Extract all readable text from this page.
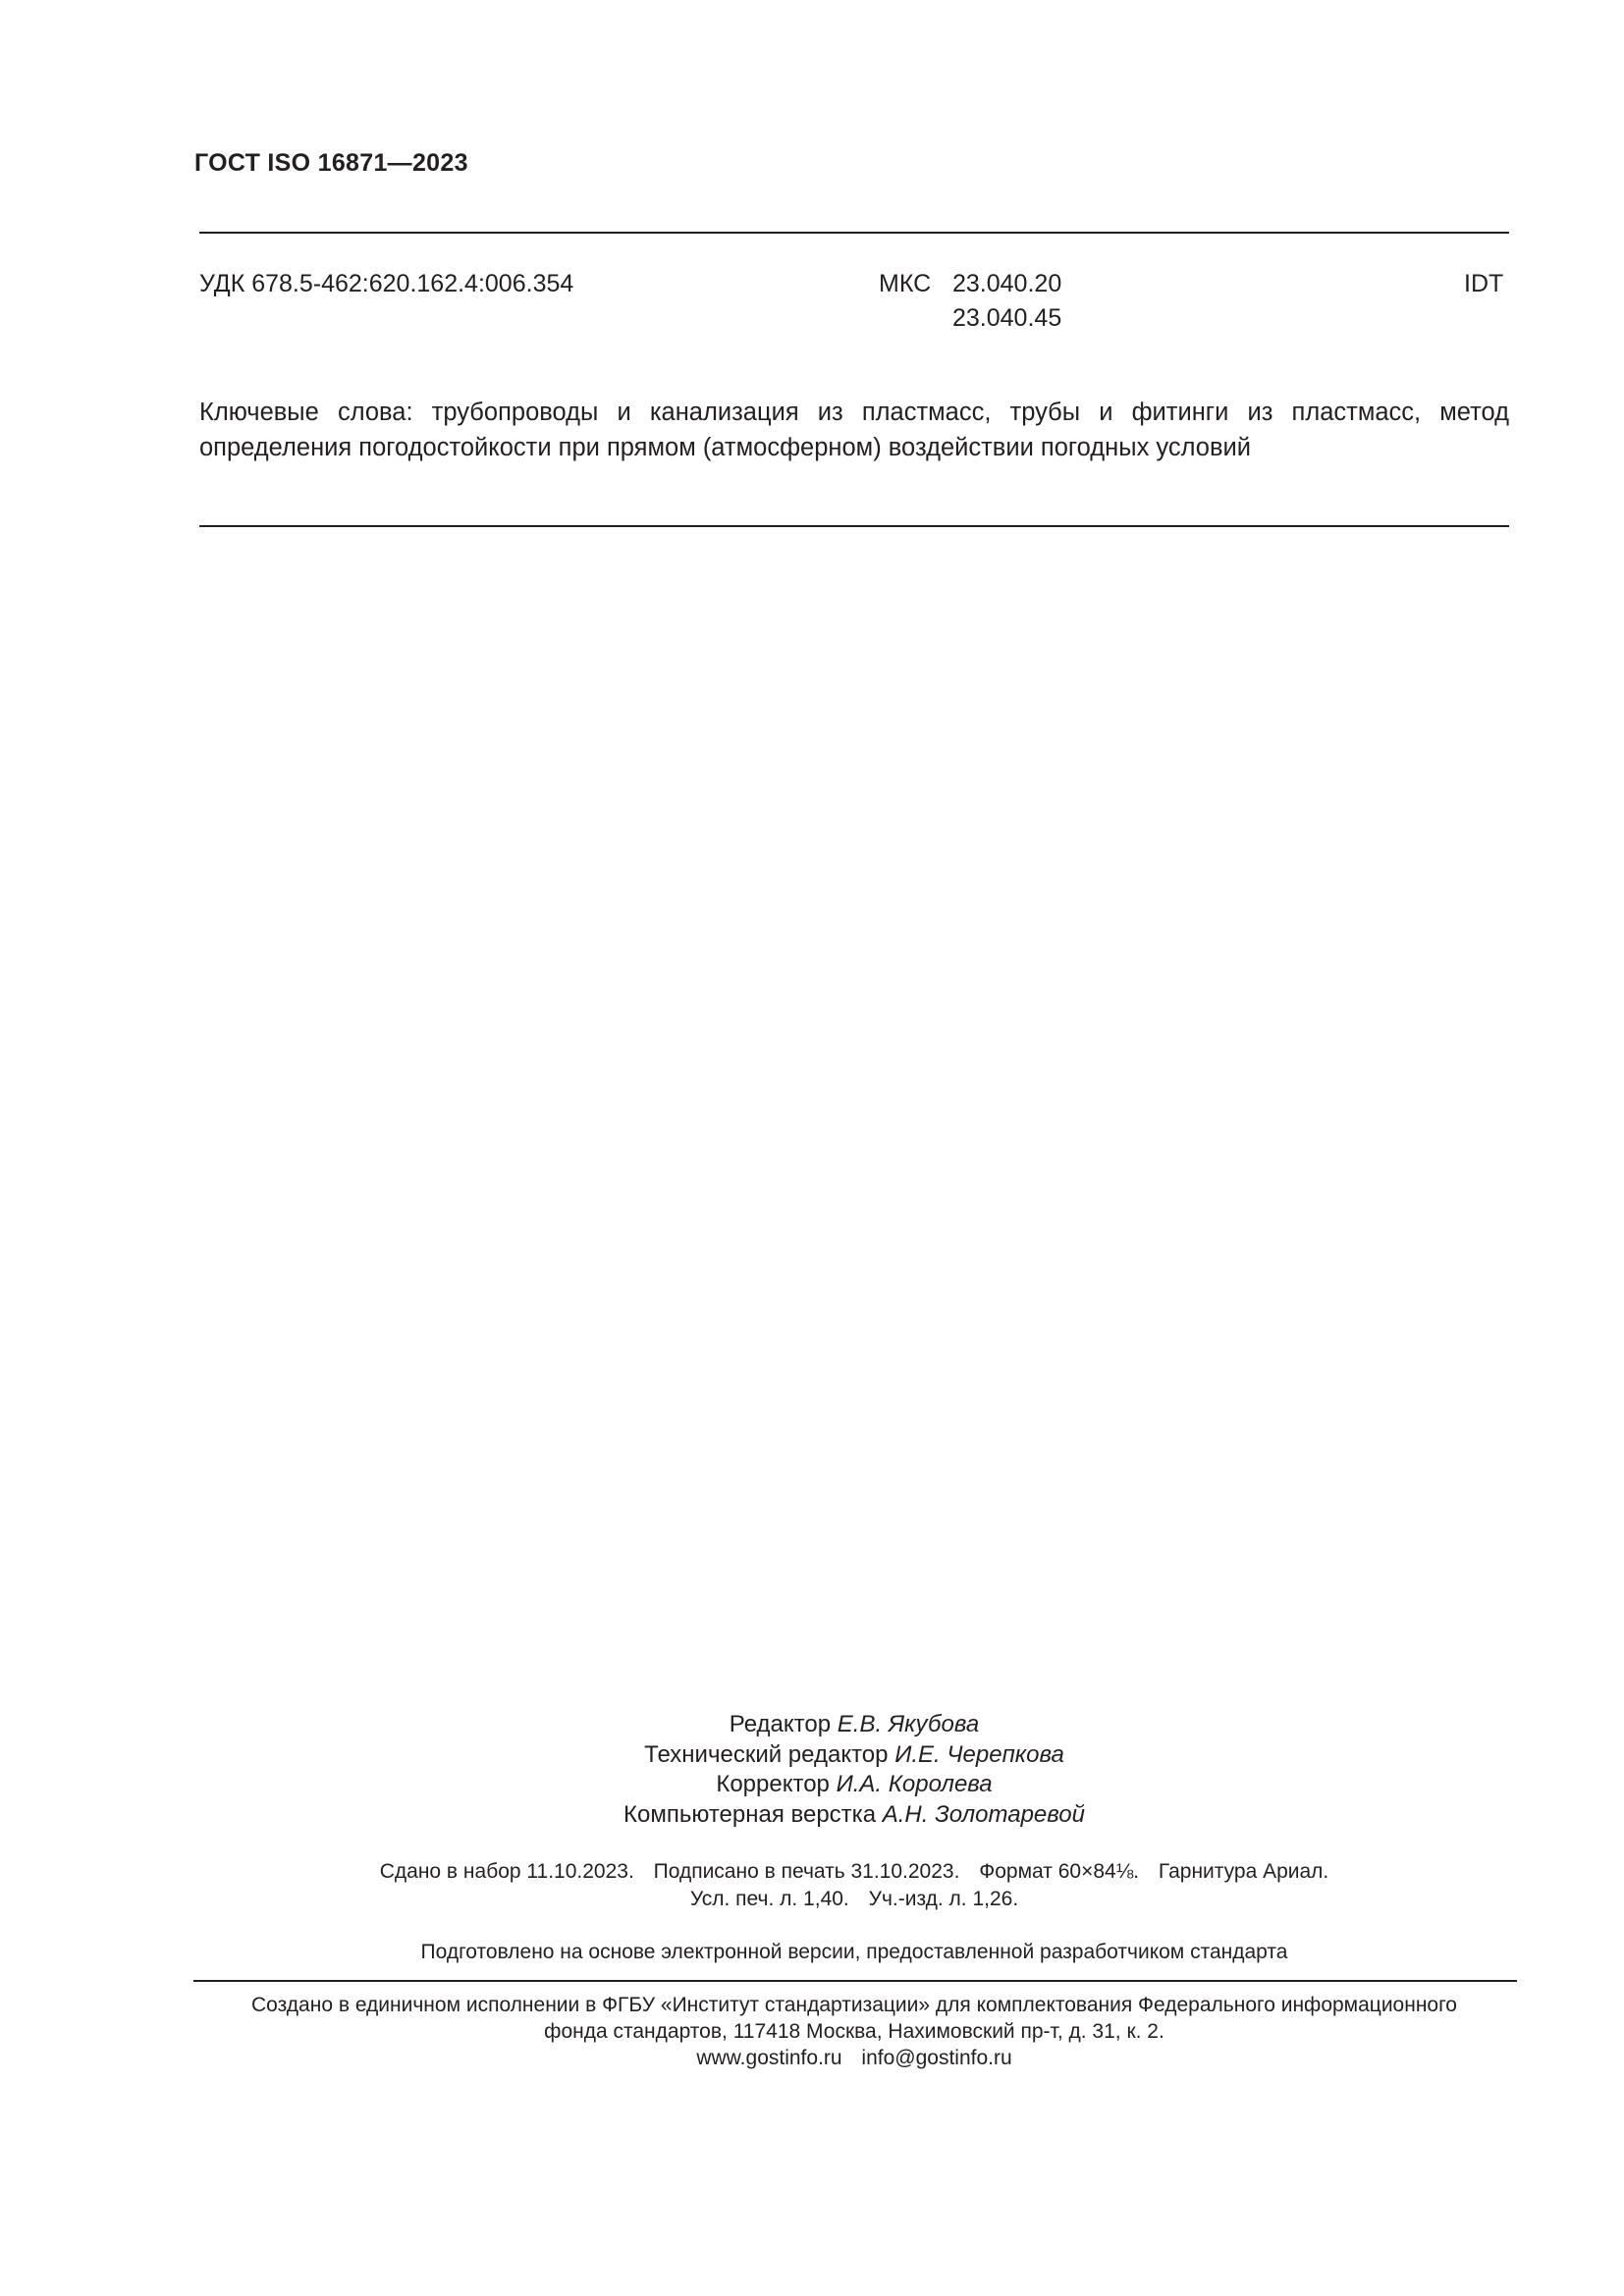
ГОСТ ISO 16871—2023
УДК 678.5-462:620.162.4:006.354	МКС 23.040.20
23.040.45
IDT
Ключевые слова: трубопроводы и канализация из пластмасс, трубы и фитинги из пластмасс, метод
определения погодостойкости при прямом (атмосферном) воздействии погодных условий
Редактор Е.В. Якубова
Технический редактор И.Е. Черепкова
Корректор И.А. Королева
Компьютерная верстка А.Н. Золотаревой
Сдано в набор 11.10.2023. Подписано в печать 31.10.2023. Формат 60×84⅛. Гарнитура Ариал.
Усл. печ. л. 1,40. Уч.-изд. л. 1,26.
Подготовлено на основе электронной версии, предоставленной разработчиком стандарта
Создано в единичном исполнении в ФГБУ «Институт стандартизации» для комплектования Федерального информационного
фонда стандартов, 117418 Москва, Нахимовский пр-т, д. 31, к. 2.
www.gostinfo.ru info@gostinfo.ru
